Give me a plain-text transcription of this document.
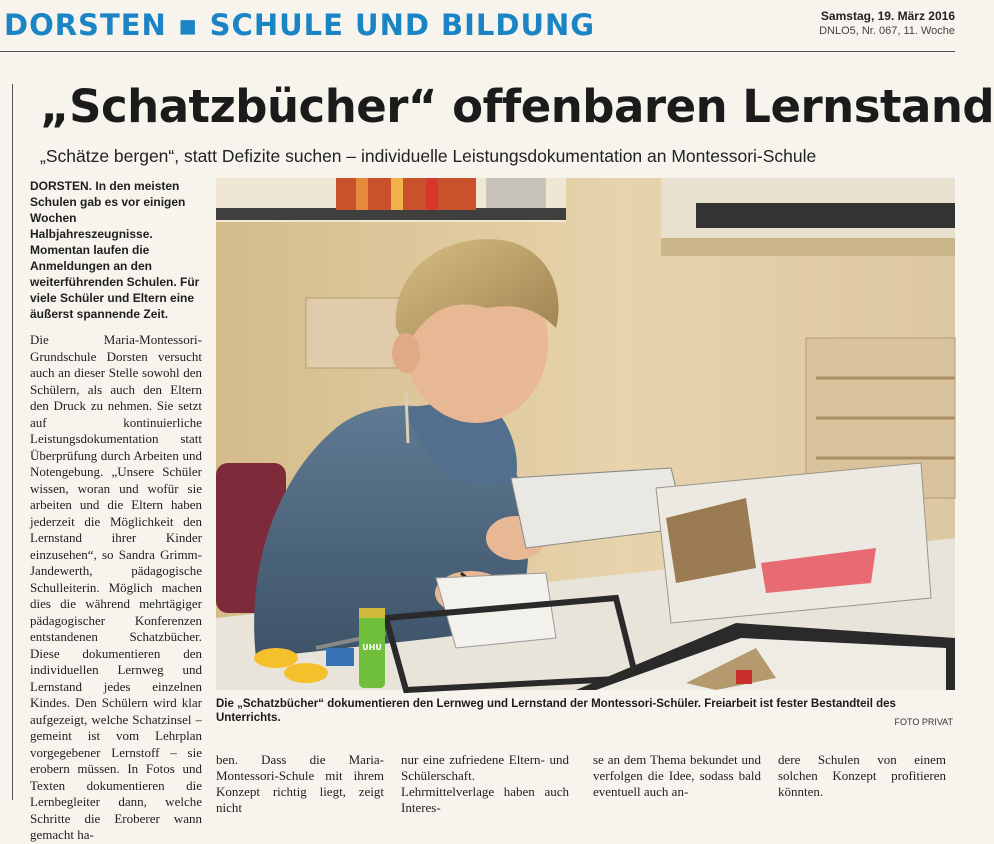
DORSTEN ▪ SCHULE UND BILDUNG	Samstag, 19. März 2016
DNLO5, Nr. 067, 11. Woche
„Schatzbücher“ offenbaren Lernstand

„Schätze bergen“, statt Defizite suchen – individuelle Leistungsdokumentation an Montessori-Schule

DORSTEN. In den meisten Schulen gab es vor einigen Wochen Halbjahreszeugnisse. Momentan laufen die Anmeldungen an den weiterführenden Schulen. Für viele Schüler und Eltern eine äußerst spannende Zeit.

Die Maria-Montessori-Grundschule Dorsten versucht auch an dieser Stelle sowohl den Schülern, als auch den Eltern den Druck zu nehmen. Sie setzt auf kontinuierliche Leistungsdokumentation statt Überprüfung durch Arbeiten und Notengebung. „Unsere Schüler wissen, woran und wofür sie arbeiten und die Eltern haben jederzeit die Möglichkeit den Lernstand ihrer Kinder einzusehen“, so Sandra Grimm-Jandewerth, pädagogische Schulleiterin. Möglich machen dies die während mehrtägiger pädagogischer Konferenzen entstandenen Schatzbücher. Diese dokumentieren den individuellen Lernweg und Lernstand jedes einzelnen Kindes. Den Schülern wird klar aufgezeigt, welche Schatzinsel – gemeint ist vom Lehrplan vorgegebener Lernstoff – sie erobern müssen. In Fotos und Texten dokumentieren die Lernbegleiter dann, welche Schritte die Eroberer wann gemacht ha-

UHU

Die „Schatzbücher“ dokumentieren den Lernweg und Lernstand der Montessori-Schüler. Freiarbeit ist fester Bestandteil des Unterrichts.	FOTO PRIVAT

ben. Dass die Maria-Montessori-Schule mit ihrem Konzept richtig liegt, zeigt nicht
nur eine zufriedene Eltern- und Schülerschaft. Lehrmittelverlage haben auch Interes-
se an dem Thema bekundet und verfolgen die Idee, sodass bald eventuell auch an-
dere Schulen von einem solchen Konzept profitieren könnten.
